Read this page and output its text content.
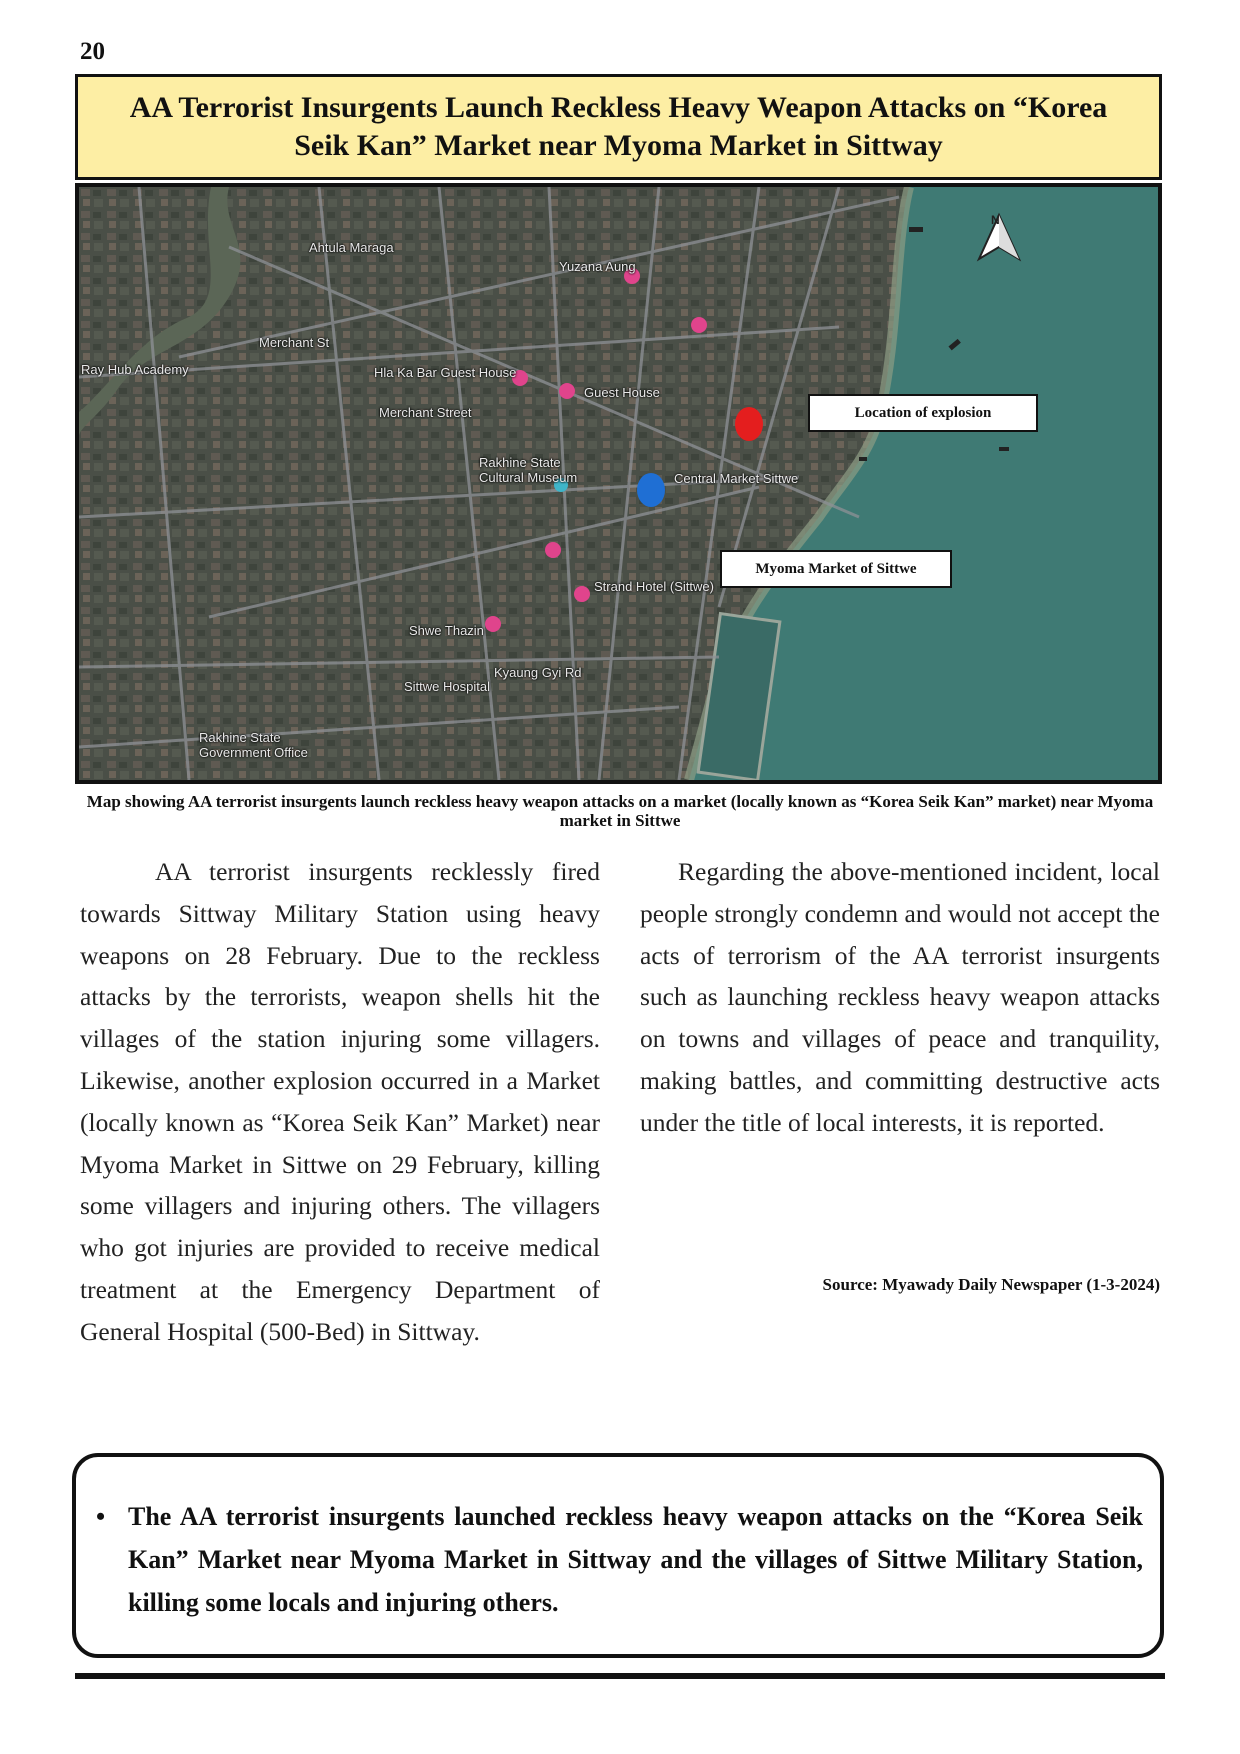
20
AA Terrorist Insurgents Launch Reckless Heavy Weapon Attacks on “Korea Seik Kan” Market near Myoma Market in Sittway
Ahtula Maraga
Merchant St
Ray Hub Academy	Hla Ka Bar Guest House
Merchant Street
Guest House
Rakhine State Cultural Museum	Central Market Sittwe
Strand Hotel (Sittwe)
Shwe Thazin
Sittwe Hospital
Kyaung Gyi Rd
Rakhine State Government Office
Yuzana Aung
N
Location of explosion
Myoma Market of Sittwe
Map showing AA terrorist insurgents launch reckless heavy weapon attacks on a market (locally known as “Korea Seik Kan” market) near Myoma market in Sittwe

AA terrorist insurgents recklessly fired towards Sittway Military Station using heavy weapons on 28 February. Due to the reckless attacks by the terrorists, weapon shells hit the villages of the station injuring some villagers. Likewise, another explosion occurred in a Market (locally known as “Korea Seik Kan” Market) near Myoma Market in Sittwe on 29 February, killing some villagers and injuring others. The villagers who got injuries are provided to receive medical treatment at the Emergency Department of General Hospital (500-Bed) in Sittway.

Regarding the above-mentioned incident, local people strongly condemn and would not accept the acts of terrorism of the AA terrorist insurgents such as launching reckless heavy weapon attacks on towns and villages of peace and tranquility, making battles, and committing destructive acts under the title of local interests, it is reported.

Source: Myawady Daily Newspaper (1-3-2024)
• The AA terrorist insurgents launched reckless heavy weapon attacks on the “Korea Seik Kan” Market near Myoma Market in Sittway and the villages of Sittwe Military Station, killing some locals and injuring others.
